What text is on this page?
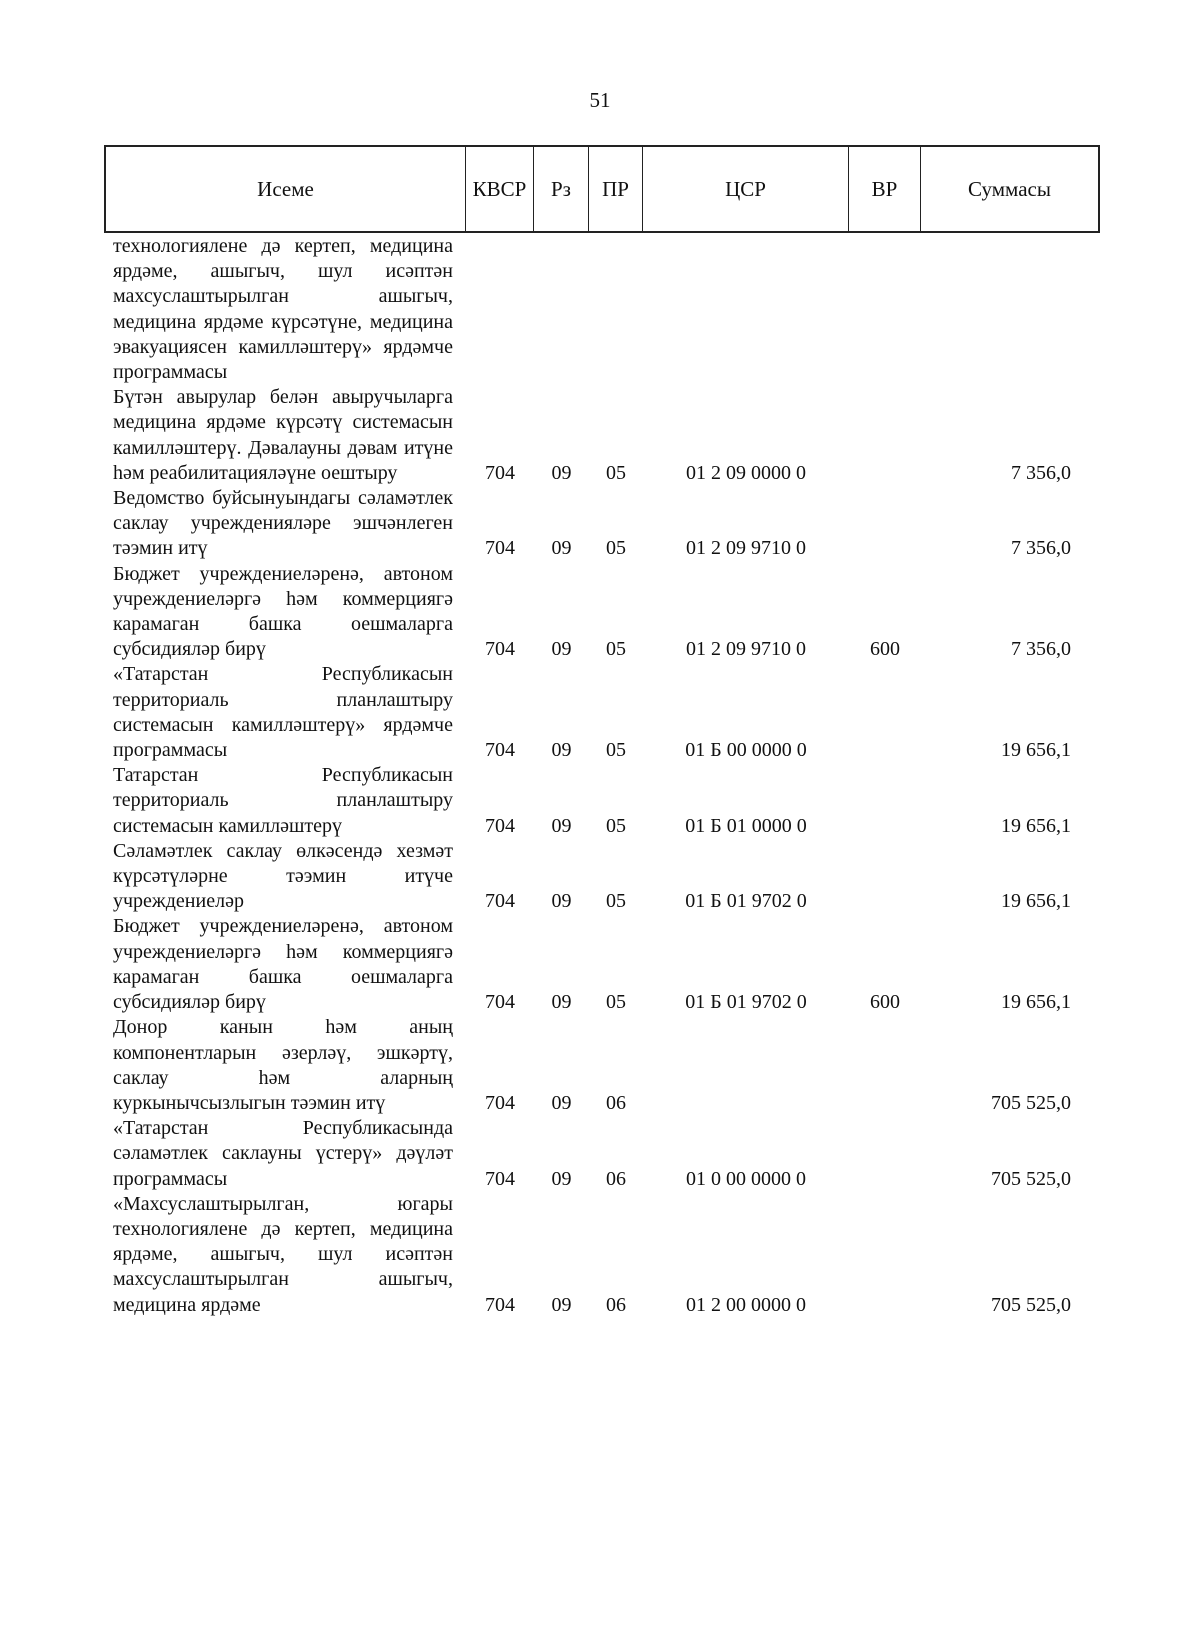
51
Исеме	КВСР	Рз	ПР	ЦСР	ВР	Суммасы
технологиялене дә кертеп, медицина ярдәме, ашыгыч, шул исәптән махсуслаштырылган ашыгыч, медицина ярдәме күрсәтүне, медицина эвакуациясен камилләштерү» ярдәмче программасы
Бүтән авырулар белән авыручыларга медицина ярдәме күрсәтү системасын камилләштерү. Дәвалауны дәвам итүне һәм реабилитацияләүне оештыру	704	09	05	01 2 09 0000 0	7 356,0
Ведомство буйсынуындагы сәламәтлек саклау учрежденияләре эшчәнлеген тәэмин итү	704	09	05	01 2 09 9710 0	7 356,0
Бюджет учреждениеләренә, автоном учреждениеләргә һәм коммерциягә карамаган башка оешмаларга субсидияләр бирү	704	09	05	01 2 09 9710 0	600	7 356,0
«Татарстан Республикасын территориаль планлаштыру системасын камилләштерү» ярдәмче программасы	704	09	05	01 Б 00 0000 0	19 656,1
Татарстан Республикасын территориаль планлаштыру системасын камилләштерү	704	09	05	01 Б 01 0000 0	19 656,1
Сәламәтлек саклау өлкәсендә хезмәт күрсәтүләрне тәэмин итүче учреждениеләр	704	09	05	01 Б 01 9702 0	19 656,1
Бюджет учреждениеләренә, автоном учреждениеләргә һәм коммерциягә карамаган башка оешмаларга субсидияләр бирү	704	09	05	01 Б 01 9702 0	600	19 656,1
Донор канын һәм аның компонентларын әзерләү, эшкәртү, саклау һәм аларның куркынычсызлыгын тәэмин итү	704	09	06	705 525,0
«Татарстан Республикасында сәламәтлек саклауны үстерү» дәүләт программасы	704	09	06	01 0 00 0000 0	705 525,0
«Махсуслаштырылган, югары технологиялене дә кертеп, медицина ярдәме, ашыгыч, шул исәптән махсуслаштырылган ашыгыч, медицина ярдәме	704	09	06	01 2 00 0000 0	705 525,0
